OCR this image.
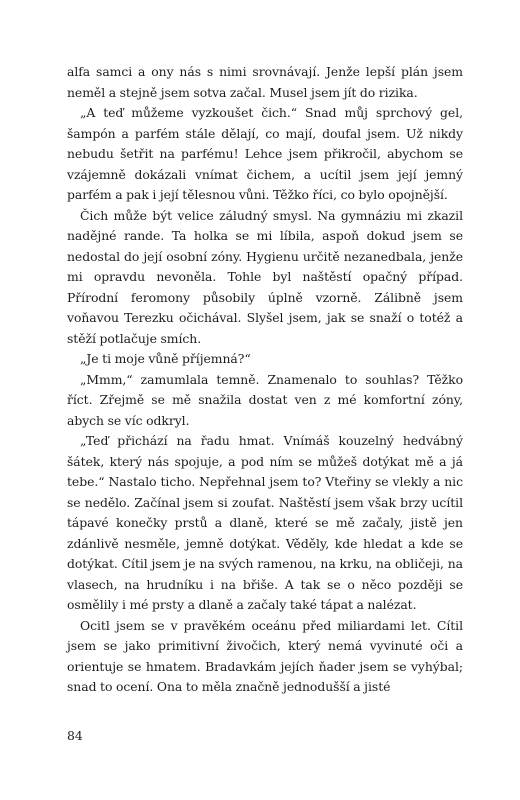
alfa samci a ony nás s nimi srovnávají. Jenže lepší plán jsem neměl a stejně jsem sotva začal. Musel jsem jít do rizika.

„A teď můžeme vyzkoušet čich.“ Snad můj sprchový gel, šampón a parfém stále dělají, co mají, doufal jsem. Už nikdy nebudu šetřit na parfému! Lehce jsem přikročil, abychom se vzájemně dokázali vnímat čichem, a ucítil jsem její jemný parfém a pak i její tělesnou vůni. Těžko říci, co bylo opojnější.

Čich může být velice záludný smysl. Na gymnáziu mi zkazil nadějné rande. Ta holka se mi líbila, aspoň dokud jsem se nedostal do její osobní zóny. Hygienu určitě nezanedbala, jenže mi opravdu nevoněla. Tohle byl naštěstí opačný případ. Přírodní feromony působily úplně vzorně. Zálibně jsem voňavou Terezku očichával. Slyšel jsem, jak se snaží o totéž a stěží potlačuje smích.

„Je ti moje vůně příjemná?“

„Mmm,“ zamumlala temně. Znamenalo to souhlas? Těžko říct. Zřejmě se mě snažila dostat ven z mé komfortní zóny, abych se víc odkryl.

„Teď přichází na řadu hmat. Vnímáš kouzelný hedvábný šátek, který nás spojuje, a pod ním se můžeš dotýkat mě a já tebe.“ Nastalo ticho. Nepřehnal jsem to? Vteřiny se vlekly a nic se nedělo. Začínal jsem si zoufat. Naštěstí jsem však brzy ucítil tápavé konečky prstů a dlaně, které se mě začaly, jistě jen zdánlivě nesměle, jemně dotýkat. Věděly, kde hledat a kde se dotýkat. Cítil jsem je na svých ramenou, na krku, na obličeji, na vlasech, na hrudníku i na břiše. A tak se o něco později se osmělily i mé prsty a dlaně a začaly také tápat a nalézat.

Ocitl jsem se v pravěkém oceánu před miliardami let. Cítil jsem se jako primitivní živočich, který nemá vyvinuté oči a orientuje se hmatem. Bradavkám jejích ňader jsem se vyhýbal; snad to ocení. Ona to měla značně jednodušší a jisté

84
